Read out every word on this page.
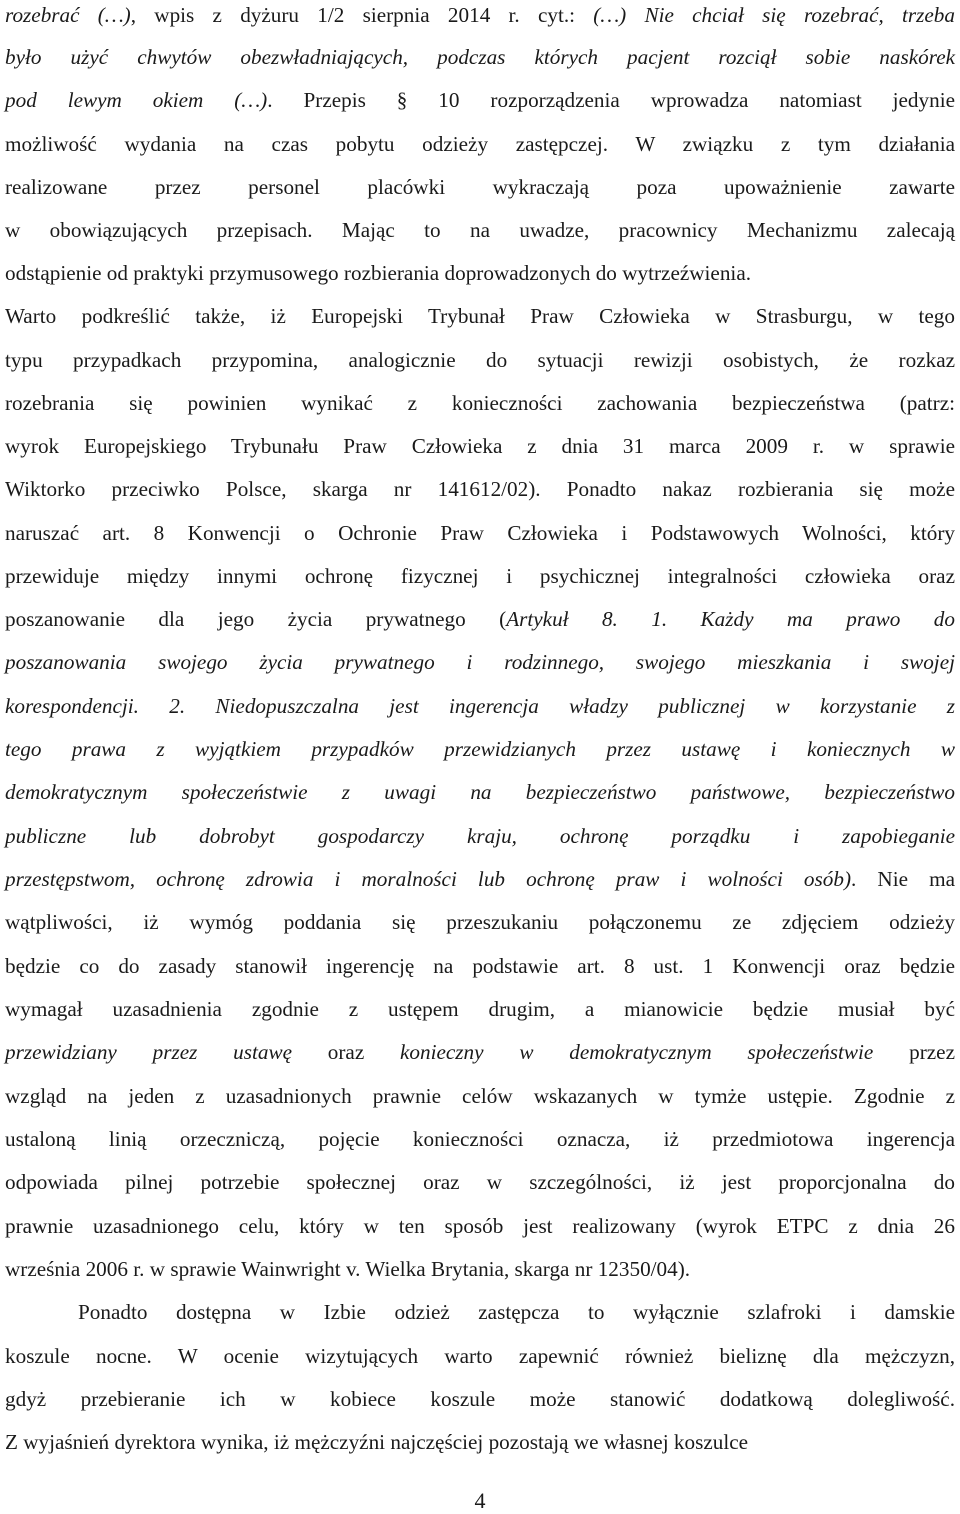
4
rozebrać (…), wpis z dyżuru 1/2 sierpnia 2014 r. cyt.: (…) Nie chciał się rozebrać, trzeba
było użyć chwytów obezwładniających, podczas których pacjent rozciął sobie naskórek
pod lewym okiem (…). Przepis § 10 rozporządzenia wprowadza natomiast jedynie
możliwość wydania na czas pobytu odzieży zastępczej. W związku z tym działania
realizowane przez personel placówki wykraczają poza upoważnienie zawarte
w obowiązujących przepisach. Mając to na uwadze, pracownicy Mechanizmu zalecają
odstąpienie od praktyki przymusowego rozbierania doprowadzonych do wytrzeźwienia.
Warto podkreślić także, iż Europejski Trybunał Praw Człowieka w Strasburgu, w tego
typu przypadkach przypomina, analogicznie do sytuacji rewizji osobistych, że rozkaz
rozebrania się powinien wynikać z konieczności zachowania bezpieczeństwa (patrz:
wyrok Europejskiego Trybunału Praw Człowieka z dnia 31 marca 2009 r. w sprawie
Wiktorko przeciwko Polsce, skarga nr 141612/02). Ponadto nakaz rozbierania się może
naruszać art. 8 Konwencji o Ochronie Praw Człowieka i Podstawowych Wolności, który
przewiduje między innymi ochronę fizycznej i psychicznej integralności człowieka oraz
poszanowanie dla jego życia prywatnego (Artykuł 8. 1. Każdy ma prawo do
poszanowania swojego życia prywatnego i rodzinnego, swojego mieszkania i swojej
korespondencji. 2. Niedopuszczalna jest ingerencja władzy publicznej w korzystanie z
tego prawa z wyjątkiem przypadków przewidzianych przez ustawę i koniecznych w
demokratycznym społeczeństwie z uwagi na bezpieczeństwo państwowe, bezpieczeństwo
publiczne lub dobrobyt gospodarczy kraju, ochronę porządku i zapobieganie
przestępstwom, ochronę zdrowia i moralności lub ochronę praw i wolności osób). Nie ma
wątpliwości, iż wymóg poddania się przeszukaniu połączonemu ze zdjęciem odzieży
będzie co do zasady stanowił ingerencję na podstawie art. 8 ust. 1 Konwencji oraz będzie
wymagał uzasadnienia zgodnie z ustępem drugim, a mianowicie będzie musiał być
przewidziany przez ustawę oraz konieczny w demokratycznym społeczeństwie przez
wzgląd na jeden z uzasadnionych prawnie celów wskazanych w tymże ustępie. Zgodnie z
ustaloną linią orzeczniczą, pojęcie konieczności oznacza, iż przedmiotowa ingerencja
odpowiada pilnej potrzebie społecznej oraz w szczególności, iż jest proporcjonalna do
prawnie uzasadnionego celu, który w ten sposób jest realizowany (wyrok ETPC z dnia 26
września 2006 r. w sprawie Wainwright v. Wielka Brytania, skarga nr 12350/04).
Ponadto dostępna w Izbie odzież zastępcza to wyłącznie szlafroki i damskie
koszule nocne. W ocenie wizytujących warto zapewnić również bieliznę dla mężczyzn,
gdyż przebieranie ich w kobiece koszule może stanowić dodatkową dolegliwość.
Z wyjaśnień dyrektora wynika, iż mężczyźni najczęściej pozostają we własnej koszulce
